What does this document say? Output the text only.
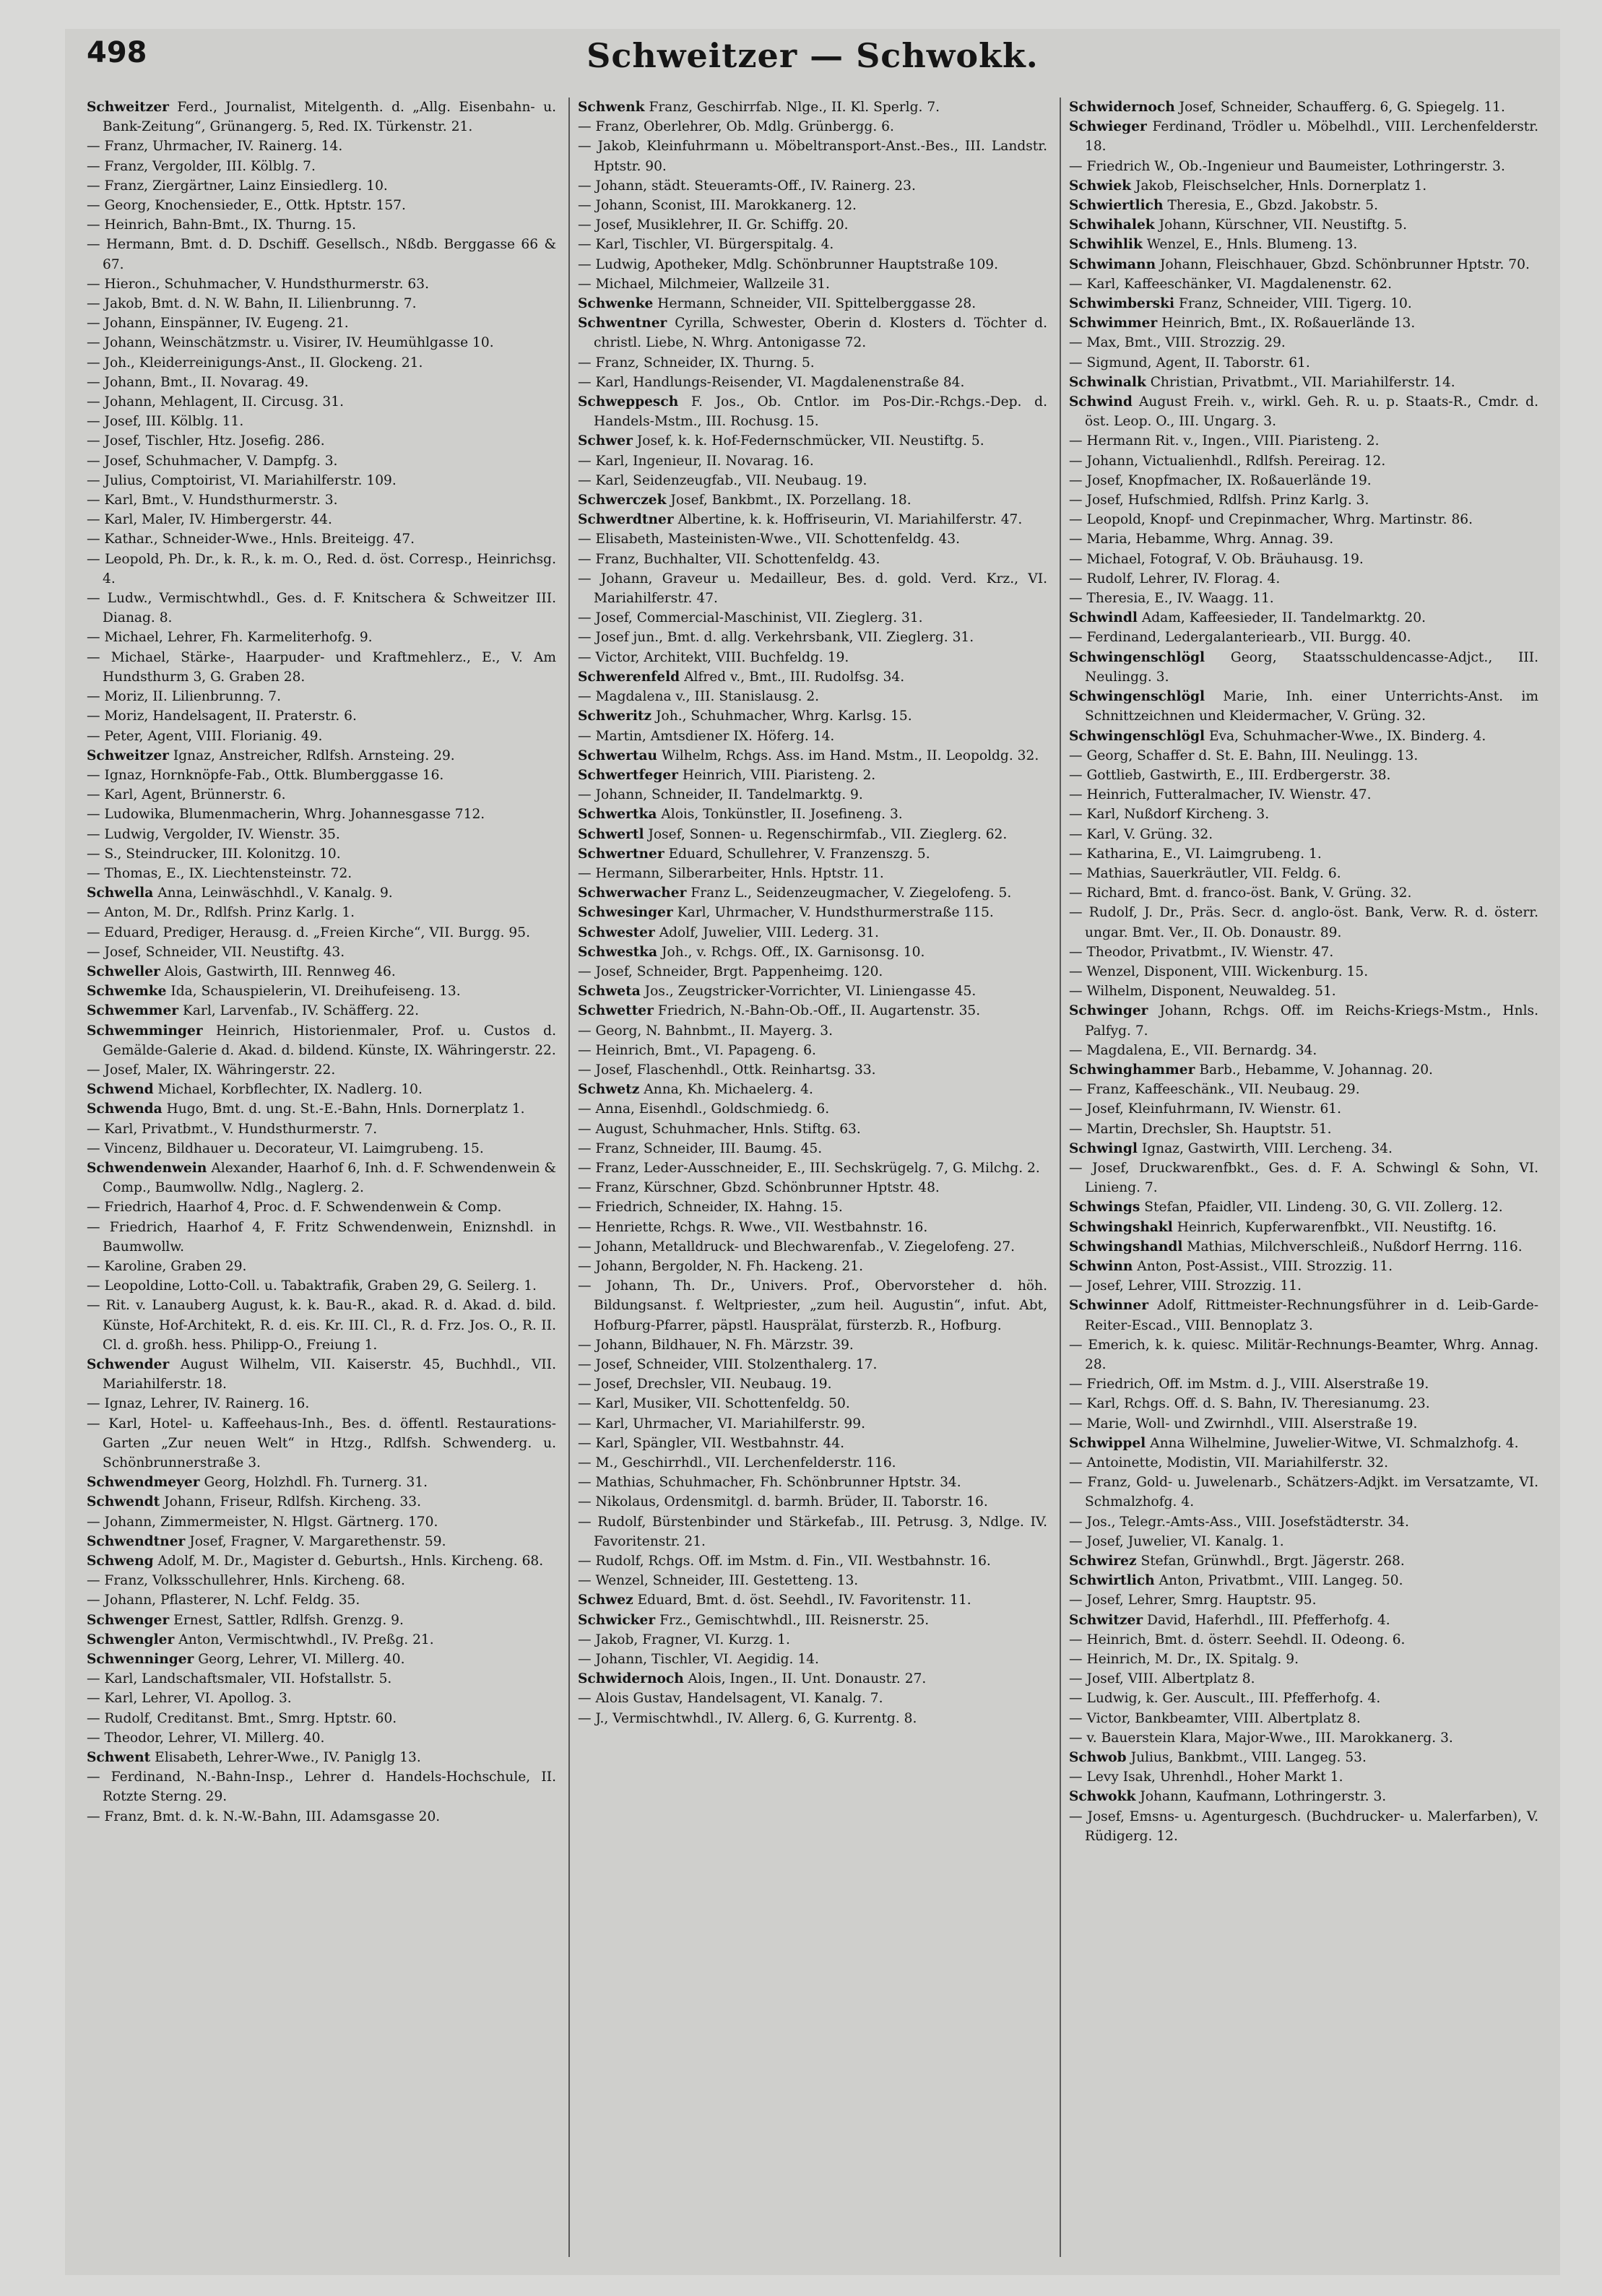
498	Schweitzer — Schwokk.
Schweitzer Ferd., Journalist, Mitelgenth. d. „Allg. Eisenbahn- u. Bank-Zeitung“, Grünangerg. 5, Red. IX. Türkenstr. 21.
— Franz, Uhrmacher, IV. Rainerg. 14.
— Franz, Vergolder, III. Kölblg. 7.
— Franz, Ziergärtner, Lainz Einsiedlerg. 10.
— Georg, Knochensieder, E., Ottk. Hptstr. 157.
— Heinrich, Bahn-Bmt., IX. Thurng. 15.
— Hermann, Bmt. d. D. Dschiff. Gesellsch., Nßdb. Berggasse 66 & 67.
— Hieron., Schuhmacher, V. Hundsthurmerstr. 63.
— Jakob, Bmt. d. N. W. Bahn, II. Lilienbrunng. 7.
— Johann, Einspänner, IV. Eugeng. 21.
— Johann, Weinschätzmstr. u. Visirer, IV. Heumühlgasse 10.
— Joh., Kleiderreinigungs-Anst., II. Glockeng. 21.
— Johann, Bmt., II. Novarag. 49.
— Johann, Mehlagent, II. Circusg. 31.
— Josef, III. Kölblg. 11.
— Josef, Tischler, Htz. Josefig. 286.
— Josef, Schuhmacher, V. Dampfg. 3.
— Julius, Comptoirist, VI. Mariahilferstr. 109.
— Karl, Bmt., V. Hundsthurmerstr. 3.
— Karl, Maler, IV. Himbergerstr. 44.
— Kathar., Schneider-Wwe., Hnls. Breiteigg. 47.
— Leopold, Ph. Dr., k. R., k. m. O., Red. d. öst. Corresp., Heinrichsg. 4.
— Ludw., Vermischtwhdl., Ges. d. F. Knitschera & Schweitzer III. Dianag. 8.
— Michael, Lehrer, Fh. Karmeliterhofg. 9.
— Michael, Stärke-, Haarpuder- und Kraftmehlerz., E., V. Am Hundsthurm 3, G. Graben 28.
— Moriz, II. Lilienbrunng. 7.
— Moriz, Handelsagent, II. Praterstr. 6.
— Peter, Agent, VIII. Florianig. 49.
Schweitzer Ignaz, Anstreicher, Rdlfsh. Arnsteing. 29.
— Ignaz, Hornknöpfe-Fab., Ottk. Blumberggasse 16.
— Karl, Agent, Brünnerstr. 6.
— Ludowika, Blumenmacherin, Whrg. Johannesgasse 712.
— Ludwig, Vergolder, IV. Wienstr. 35.
— S., Steindrucker, III. Kolonitzg. 10.
— Thomas, E., IX. Liechtensteinstr. 72.
Schwella Anna, Leinwäschhdl., V. Kanalg. 9.
— Anton, M. Dr., Rdlfsh. Prinz Karlg. 1.
— Eduard, Prediger, Herausg. d. „Freien Kirche“, VII. Burgg. 95.
— Josef, Schneider, VII. Neustiftg. 43.
Schweller Alois, Gastwirth, III. Rennweg 46.
Schwemke Ida, Schauspielerin, VI. Dreihufeiseng. 13.
Schwemmer Karl, Larvenfab., IV. Schäfferg. 22.
Schwemminger Heinrich, Historienmaler, Prof. u. Custos d. Gemälde-Galerie d. Akad. d. bildend. Künste, IX. Währingerstr. 22.
— Josef, Maler, IX. Währingerstr. 22.
Schwend Michael, Korbflechter, IX. Nadlerg. 10.
Schwenda Hugo, Bmt. d. ung. St.-E.-Bahn, Hnls. Dornerplatz 1.
— Karl, Privatbmt., V. Hundsthurmerstr. 7.
— Vincenz, Bildhauer u. Decorateur, VI. Laimgrubeng. 15.
Schwendenwein Alexander, Haarhof 6, Inh. d. F. Schwendenwein & Comp., Baumwollw. Ndlg., Naglerg. 2.
— Friedrich, Haarhof 4, Proc. d. F. Schwendenwein & Comp.
— Friedrich, Haarhof 4, F. Fritz Schwendenwein, Eniznshdl. in Baumwollw.
— Karoline, Graben 29.
— Leopoldine, Lotto-Coll. u. Tabaktrafik, Graben 29, G. Seilerg. 1.
— Rit. v. Lanauberg August, k. k. Bau-R., akad. R. d. Akad. d. bild. Künste, Hof-Architekt, R. d. eis. Kr. III. Cl., R. d. Frz. Jos. O., R. II. Cl. d. großh. hess. Philipp-O., Freiung 1.
Schwender August Wilhelm, VII. Kaiserstr. 45, Buchhdl., VII. Mariahilferstr. 18.
— Ignaz, Lehrer, IV. Rainerg. 16.
— Karl, Hotel- u. Kaffeehaus-Inh., Bes. d. öffentl. Restaurations-Garten „Zur neuen Welt“ in Htzg., Rdlfsh. Schwenderg. u. Schönbrunnerstraße 3.
Schwendmeyer Georg, Holzhdl. Fh. Turnerg. 31.
Schwendt Johann, Friseur, Rdlfsh. Kircheng. 33.
— Johann, Zimmermeister, N. Hlgst. Gärtnerg. 170.
Schwendtner Josef, Fragner, V. Margarethenstr. 59.
Schweng Adolf, M. Dr., Magister d. Geburtsh., Hnls. Kircheng. 68.
— Franz, Volksschullehrer, Hnls. Kircheng. 68.
— Johann, Pflasterer, N. Lchf. Feldg. 35.
Schwenger Ernest, Sattler, Rdlfsh. Grenzg. 9.
Schwengler Anton, Vermischtwhdl., IV. Preßg. 21.
Schwenninger Georg, Lehrer, VI. Millerg. 40.
— Karl, Landschaftsmaler, VII. Hofstallstr. 5.
— Karl, Lehrer, VI. Apollog. 3.
— Rudolf, Creditanst. Bmt., Smrg. Hptstr. 60.
— Theodor, Lehrer, VI. Millerg. 40.
Schwent Elisabeth, Lehrer-Wwe., IV. Paniglg 13.
— Ferdinand, N.-Bahn-Insp., Lehrer d. Handels-Hochschule, II. Rotzte Sterng. 29.
— Franz, Bmt. d. k. N.-W.-Bahn, III. Adamsgasse 20.
Schwenk Franz, Geschirrfab. Nlge., II. Kl. Sperlg. 7.
— Franz, Oberlehrer, Ob. Mdlg. Grünbergg. 6.
— Jakob, Kleinfuhrmann u. Möbeltransport-Anst.-Bes., III. Landstr. Hptstr. 90.
— Johann, städt. Steueramts-Off., IV. Rainerg. 23.
— Johann, Sconist, III. Marokkanerg. 12.
— Josef, Musiklehrer, II. Gr. Schiffg. 20.
— Karl, Tischler, VI. Bürgerspitalg. 4.
— Ludwig, Apotheker, Mdlg. Schönbrunner Hauptstraße 109.
— Michael, Milchmeier, Wallzeile 31.
Schwenke Hermann, Schneider, VII. Spittelberggasse 28.
Schwentner Cyrilla, Schwester, Oberin d. Klosters d. Töchter d. christl. Liebe, N. Whrg. Antonigasse 72.
— Franz, Schneider, IX. Thurng. 5.
— Karl, Handlungs-Reisender, VI. Magdalenenstraße 84.
Schweppesch F. Jos., Ob. Cntlor. im Pos-Dir.-Rchgs.-Dep. d. Handels-Mstm., III. Rochusg. 15.
Schwer Josef, k. k. Hof-Federnschmücker, VII. Neustiftg. 5.
— Karl, Ingenieur, II. Novarag. 16.
— Karl, Seidenzeugfab., VII. Neubaug. 19.
Schwerczek Josef, Bankbmt., IX. Porzellang. 18.
Schwerdtner Albertine, k. k. Hoffriseurin, VI. Mariahilferstr. 47.
— Elisabeth, Masteinisten-Wwe., VII. Schottenfeldg. 43.
— Franz, Buchhalter, VII. Schottenfeldg. 43.
— Johann, Graveur u. Medailleur, Bes. d. gold. Verd. Krz., VI. Mariahilferstr. 47.
— Josef, Commercial-Maschinist, VII. Zieglerg. 31.
— Josef jun., Bmt. d. allg. Verkehrsbank, VII. Zieglerg. 31.
— Victor, Architekt, VIII. Buchfeldg. 19.
Schwerenfeld Alfred v., Bmt., III. Rudolfsg. 34.
— Magdalena v., III. Stanislausg. 2.
Schweritz Joh., Schuhmacher, Whrg. Karlsg. 15.
— Martin, Amtsdiener IX. Höferg. 14.
Schwertau Wilhelm, Rchgs. Ass. im Hand. Mstm., II. Leopoldg. 32.
Schwertfeger Heinrich, VIII. Piaristeng. 2.
— Johann, Schneider, II. Tandelmarktg. 9.
Schwertka Alois, Tonkünstler, II. Josefineng. 3.
Schwertl Josef, Sonnen- u. Regenschirmfab., VII. Zieglerg. 62.
Schwertner Eduard, Schullehrer, V. Franzenszg. 5.
— Hermann, Silberarbeiter, Hnls. Hptstr. 11.
Schwerwacher Franz L., Seidenzeugmacher, V. Ziegelofeng. 5.
Schwesinger Karl, Uhrmacher, V. Hundsthurmerstraße 115.
Schwester Adolf, Juwelier, VIII. Lederg. 31.
Schwestka Joh., v. Rchgs. Off., IX. Garnisonsg. 10.
— Josef, Schneider, Brgt. Pappenheimg. 120.
Schweta Jos., Zeugstricker-Vorrichter, VI. Liniengasse 45.
Schwetter Friedrich, N.-Bahn-Ob.-Off., II. Augartenstr. 35.
— Georg, N. Bahnbmt., II. Mayerg. 3.
— Heinrich, Bmt., VI. Papageng. 6.
— Josef, Flaschenhdl., Ottk. Reinhartsg. 33.
Schwetz Anna, Kh. Michaelerg. 4.
— Anna, Eisenhdl., Goldschmiedg. 6.
— August, Schuhmacher, Hnls. Stiftg. 63.
— Franz, Schneider, III. Baumg. 45.
— Franz, Leder-Ausschneider, E., III. Sechskrügelg. 7, G. Milchg. 2.
— Franz, Kürschner, Gbzd. Schönbrunner Hptstr. 48.
— Friedrich, Schneider, IX. Hahng. 15.
— Henriette, Rchgs. R. Wwe., VII. Westbahnstr. 16.
— Johann, Metalldruck- und Blechwarenfab., V. Ziegelofeng. 27.
— Johann, Bergolder, N. Fh. Hackeng. 21.
— Johann, Th. Dr., Univers. Prof., Obervorsteher d. höh. Bildungsanst. f. Weltpriester, „zum heil. Augustin“, infut. Abt, Hofburg-Pfarrer, päpstl. Hausprälat, fürsterzb. R., Hofburg.
— Johann, Bildhauer, N. Fh. Märzstr. 39.
— Josef, Schneider, VIII. Stolzenthalerg. 17.
— Josef, Drechsler, VII. Neubaug. 19.
— Karl, Musiker, VII. Schottenfeldg. 50.
— Karl, Uhrmacher, VI. Mariahilferstr. 99.
— Karl, Spängler, VII. Westbahnstr. 44.
— M., Geschirrhdl., VII. Lerchenfelderstr. 116.
— Mathias, Schuhmacher, Fh. Schönbrunner Hptstr. 34.
— Nikolaus, Ordensmitgl. d. barmh. Brüder, II. Taborstr. 16.
— Rudolf, Bürstenbinder und Stärkefab., III. Petrusg. 3, Ndlge. IV. Favoritenstr. 21.
— Rudolf, Rchgs. Off. im Mstm. d. Fin., VII. Westbahnstr. 16.
— Wenzel, Schneider, III. Gestetteng. 13.
Schwez Eduard, Bmt. d. öst. Seehdl., IV. Favoritenstr. 11.
Schwicker Frz., Gemischtwhdl., III. Reisnerstr. 25.
— Jakob, Fragner, VI. Kurzg. 1.
— Johann, Tischler, VI. Aegidig. 14.
Schwidernoch Alois, Ingen., II. Unt. Donaustr. 27.
— Alois Gustav, Handelsagent, VI. Kanalg. 7.
— J., Vermischtwhdl., IV. Allerg. 6, G. Kurrentg. 8.
Schwidernoch Josef, Schneider, Schaufferg. 6, G. Spiegelg. 11.
Schwieger Ferdinand, Trödler u. Möbelhdl., VIII. Lerchenfelderstr. 18.
— Friedrich W., Ob.-Ingenieur und Baumeister, Lothringerstr. 3.
Schwiek Jakob, Fleischselcher, Hnls. Dornerplatz 1.
Schwiertlich Theresia, E., Gbzd. Jakobstr. 5.
Schwihalek Johann, Kürschner, VII. Neustiftg. 5.
Schwihlik Wenzel, E., Hnls. Blumeng. 13.
Schwimann Johann, Fleischhauer, Gbzd. Schönbrunner Hptstr. 70.
— Karl, Kaffeeschänker, VI. Magdalenenstr. 62.
Schwimberski Franz, Schneider, VIII. Tigerg. 10.
Schwimmer Heinrich, Bmt., IX. Roßauerlände 13.
— Max, Bmt., VIII. Strozzig. 29.
— Sigmund, Agent, II. Taborstr. 61.
Schwinalk Christian, Privatbmt., VII. Mariahilferstr. 14.
Schwind August Freih. v., wirkl. Geh. R. u. p. Staats-R., Cmdr. d. öst. Leop. O., III. Ungarg. 3.
— Hermann Rit. v., Ingen., VIII. Piaristeng. 2.
— Johann, Victualienhdl., Rdlfsh. Pereirag. 12.
— Josef, Knopfmacher, IX. Roßauerlände 19.
— Josef, Hufschmied, Rdlfsh. Prinz Karlg. 3.
— Leopold, Knopf- und Crepinmacher, Whrg. Martinstr. 86.
— Maria, Hebamme, Whrg. Annag. 39.
— Michael, Fotograf, V. Ob. Bräuhausg. 19.
— Rudolf, Lehrer, IV. Florag. 4.
— Theresia, E., IV. Waagg. 11.
Schwindl Adam, Kaffeesieder, II. Tandelmarktg. 20.
— Ferdinand, Ledergalanteriearb., VII. Burgg. 40.
Schwingenschlögl Georg, Staatsschuldencasse-Adjct., III. Neulingg. 3.
Schwingenschlögl Marie, Inh. einer Unterrichts-Anst. im Schnittzeichnen und Kleidermacher, V. Grüng. 32.
Schwingenschlögl Eva, Schuhmacher-Wwe., IX. Binderg. 4.
— Georg, Schaffer d. St. E. Bahn, III. Neulingg. 13.
— Gottlieb, Gastwirth, E., III. Erdbergerstr. 38.
— Heinrich, Futteralmacher, IV. Wienstr. 47.
— Karl, Nußdorf Kircheng. 3.
— Karl, V. Grüng. 32.
— Katharina, E., VI. Laimgrubeng. 1.
— Mathias, Sauerkräutler, VII. Feldg. 6.
— Richard, Bmt. d. franco-öst. Bank, V. Grüng. 32.
— Rudolf, J. Dr., Präs. Secr. d. anglo-öst. Bank, Verw. R. d. österr. ungar. Bmt. Ver., II. Ob. Donaustr. 89.
— Theodor, Privatbmt., IV. Wienstr. 47.
— Wenzel, Disponent, VIII. Wickenburg. 15.
— Wilhelm, Disponent, Neuwaldeg. 51.
Schwinger Johann, Rchgs. Off. im Reichs-Kriegs-Mstm., Hnls. Palfyg. 7.
— Magdalena, E., VII. Bernardg. 34.
Schwinghammer Barb., Hebamme, V. Johannag. 20.
— Franz, Kaffeeschänk., VII. Neubaug. 29.
— Josef, Kleinfuhrmann, IV. Wienstr. 61.
— Martin, Drechsler, Sh. Hauptstr. 51.
Schwingl Ignaz, Gastwirth, VIII. Lercheng. 34.
— Josef, Druckwarenfbkt., Ges. d. F. A. Schwingl & Sohn, VI. Linieng. 7.
Schwings Stefan, Pfaidler, VII. Lindeng. 30, G. VII. Zollerg. 12.
Schwingshakl Heinrich, Kupferwarenfbkt., VII. Neustiftg. 16.
Schwingshandl Mathias, Milchverschleiß., Nußdorf Herrng. 116.
Schwinn Anton, Post-Assist., VIII. Strozzig. 11.
— Josef, Lehrer, VIII. Strozzig. 11.
Schwinner Adolf, Rittmeister-Rechnungsführer in d. Leib-Garde-Reiter-Escad., VIII. Bennoplatz 3.
— Emerich, k. k. quiesc. Militär-Rechnungs-Beamter, Whrg. Annag. 28.
— Friedrich, Off. im Mstm. d. J., VIII. Alserstraße 19.
— Karl, Rchgs. Off. d. S. Bahn, IV. Theresianumg. 23.
— Marie, Woll- und Zwirnhdl., VIII. Alserstraße 19.
Schwippel Anna Wilhelmine, Juwelier-Witwe, VI. Schmalzhofg. 4.
— Antoinette, Modistin, VII. Mariahilferstr. 32.
— Franz, Gold- u. Juwelenarb., Schätzers-Adjkt. im Versatzamte, VI. Schmalzhofg. 4.
— Jos., Telegr.-Amts-Ass., VIII. Josefstädterstr. 34.
— Josef, Juwelier, VI. Kanalg. 1.
Schwirez Stefan, Grünwhdl., Brgt. Jägerstr. 268.
Schwirtlich Anton, Privatbmt., VIII. Langeg. 50.
— Josef, Lehrer, Smrg. Hauptstr. 95.
Schwitzer David, Haferhdl., III. Pfefferhofg. 4.
— Heinrich, Bmt. d. österr. Seehdl. II. Odeong. 6.
— Heinrich, M. Dr., IX. Spitalg. 9.
— Josef, VIII. Albertplatz 8.
— Ludwig, k. Ger. Auscult., III. Pfefferhofg. 4.
— Victor, Bankbeamter, VIII. Albertplatz 8.
— v. Bauerstein Klara, Major-Wwe., III. Marokkanerg. 3.
Schwob Julius, Bankbmt., VIII. Langeg. 53.
— Levy Isak, Uhrenhdl., Hoher Markt 1.
Schwokk Johann, Kaufmann, Lothringerstr. 3.
— Josef, Emsns- u. Agenturgesch. (Buchdrucker- u. Malerfarben), V. Rüdigerg. 12.
